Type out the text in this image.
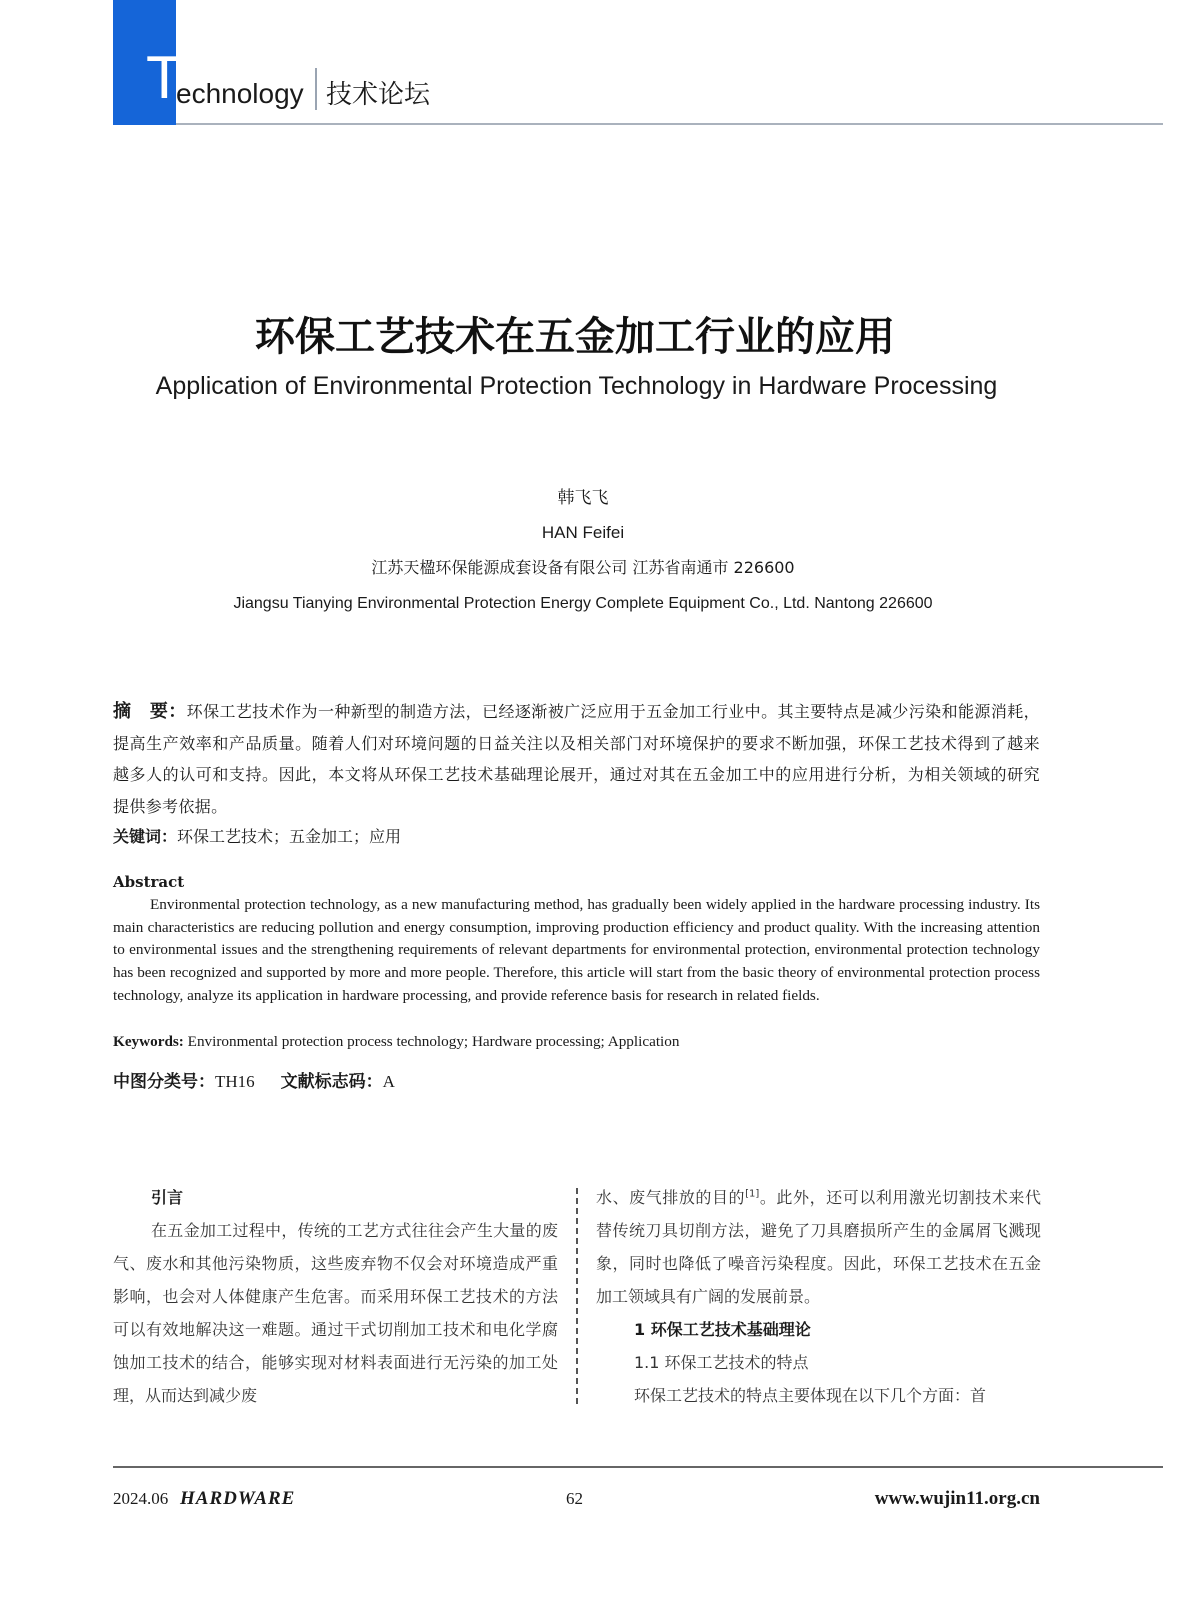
T
echnology 技术论坛
环保工艺技术在五金加工行业的应用
Application of Environmental Protection Technology in Hardware Processing
韩飞飞
HAN Feifei
江苏天楹环保能源成套设备有限公司 江苏省南通市 226600
Jiangsu Tianying Environmental Protection Energy Complete Equipment Co., Ltd. Nantong 226600
摘　要：环保工艺技术作为一种新型的制造方法，已经逐渐被广泛应用于五金加工行业中。其主要特点是减少污染和能源消耗，提高生产效率和产品质量。随着人们对环境问题的日益关注以及相关部门对环境保护的要求不断加强，环保工艺技术得到了越来越多人的认可和支持。因此，本文将从环保工艺技术基础理论展开，通过对其在五金加工中的应用进行分析，为相关领域的研究提供参考依据。
关键词：环保工艺技术；五金加工；应用
Abstract
Environmental protection technology, as a new manufacturing method, has gradually been widely applied in the hardware processing industry. Its main characteristics are reducing pollution and energy consumption, improving production efficiency and product quality. With the increasing attention to environmental issues and the strengthening requirements of relevant departments for environmental protection, environmental protection technology has been recognized and supported by more and more people. Therefore, this article will start from the basic theory of environmental protection process technology, analyze its application in hardware processing, and provide reference basis for research in related fields.
Keywords: Environmental protection process technology; Hardware processing; Application
中图分类号：TH16 文献标志码：A

引言

在五金加工过程中，传统的工艺方式往往会产生大量的废气、废水和其他污染物质，这些废弃物不仅会对环境造成严重影响，也会对人体健康产生危害。而采用环保工艺技术的方法可以有效地解决这一难题。通过干式切削加工技术和电化学腐蚀加工技术的结合，能够实现对材料表面进行无污染的加工处理，从而达到减少废

水、废气排放的目的[1]。此外，还可以利用激光切割技术来代替传统刀具切削方法，避免了刀具磨损所产生的金属屑飞溅现象，同时也降低了噪音污染程度。因此，环保工艺技术在五金加工领域具有广阔的发展前景。

1 环保工艺技术基础理论

1.1 环保工艺技术的特点

环保工艺技术的特点主要体现在以下几个方面：首

2024.06 HARDWARE	62	www.wujin11.org.cn
